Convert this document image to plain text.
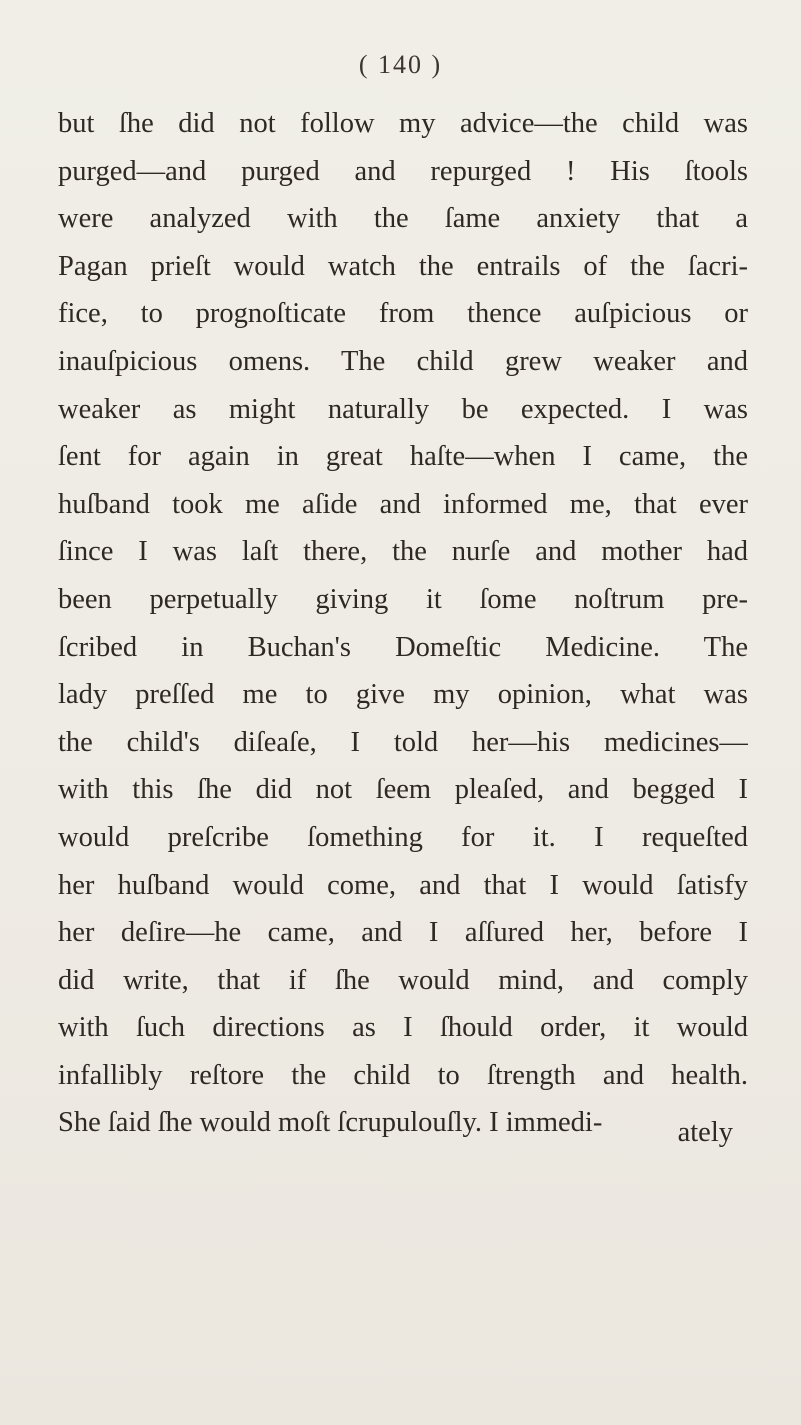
( 140 )
but ſhe did not follow my advice—the child was
purged—and purged and repurged ! His ſtools
were analyzed with the ſame anxiety that a
Pagan prieſt would watch the entrails of the ſacri-
fice, to prognoſticate from thence auſpicious or
inauſpicious omens. The child grew weaker and
weaker as might naturally be expected. I was
ſent for again in great haſte—when I came, the
huſband took me aſide and informed me, that ever
ſince I was laſt there, the nurſe and mother had
been perpetually giving it ſome noſtrum pre-
ſcribed in Buchan's Domeſtic Medicine. The
lady preſſed me to give my opinion, what was
the child's diſeaſe, I told her—his medicines—
with this ſhe did not ſeem pleaſed, and begged I
would preſcribe ſomething for it. I requeſted
her huſband would come, and that I would ſatisfy
her deſire—he came, and I aſſured her, before I
did write, that if ſhe would mind, and comply
with ſuch directions as I ſhould order, it would
infallibly reſtore the child to ſtrength and health.
She ſaid ſhe would moſt ſcrupulouſly. I immedi-	ately
